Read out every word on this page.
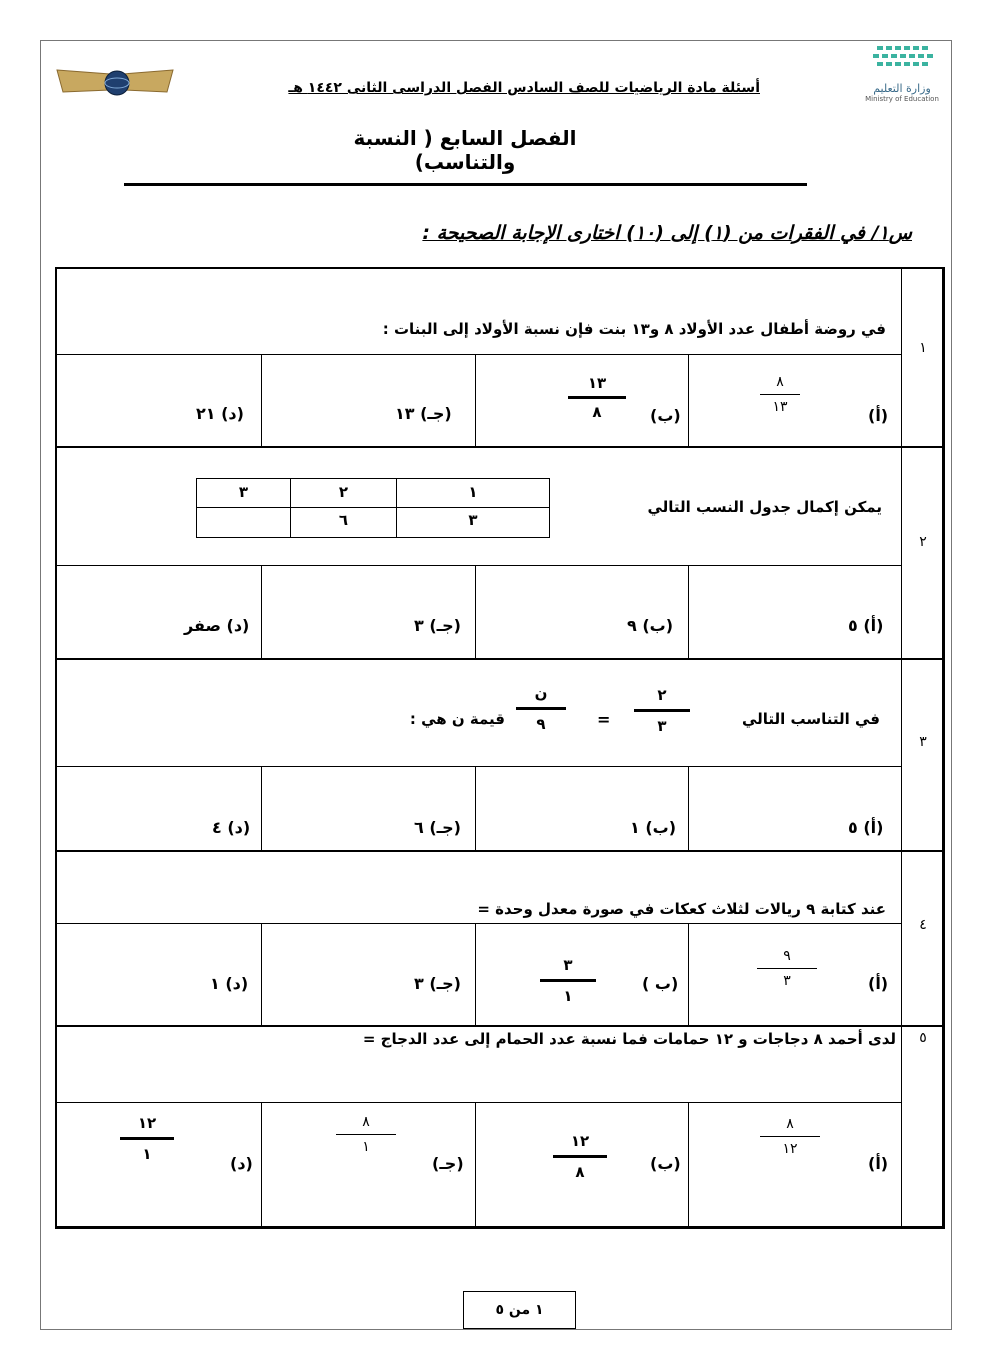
وزارة التعليم
Ministry of Education
أسئلة مادة الرياضيات للصف السادس الفصل الدراسى الثانى ١٤٤٢ هـ
الفصل السابع ( النسبة والتناسب)
س١/ في الفقرات من (١) إلى (١٠) اختارى الإجابة الصحيحة :
١
٢
٣
٤
٥
في روضة أطفال عدد الأولاد ٨ و١٣ بنت فإن نسبة الأولاد إلى البنات :
(أ)
٨
١٣
(ب)
١٣
٨
(جـ) ١٣
(د) ٢١
يمكن إكمال جدول النسب التالي
١
٢
٣
٣
٦
(أ) ٥
(ب) ٩
(جـ) ٣
(د) صفر
في التناسب التالي
٢
٣
=
ن
٩
قيمة ن هي :
(أ) ٥
(ب) ١
(جـ) ٦
(د) ٤
عند كتابة ٩ ريالات لثلاث كعكات في صورة معدل وحدة =
(أ)
٩
٣
(ب )
٣
١
(جـ) ٣
(د) ١
لدى أحمد ٨ دجاجات و ١٢ حمامات فما نسبة عدد الحمام إلى عدد الدجاج =
(أ)
٨
١٢
(ب)
١٢
٨
(جـ)
٨
١
(د)
١٢
١
١ من ٥
